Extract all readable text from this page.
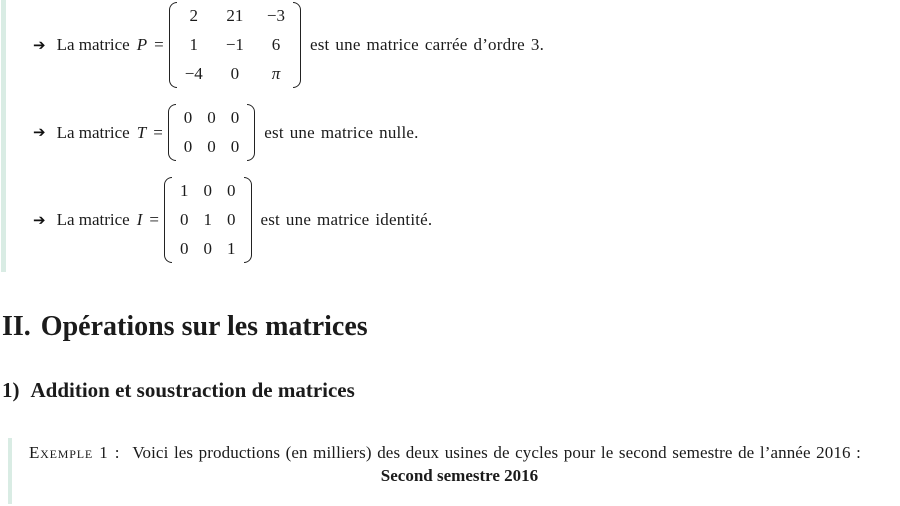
➔ La matrice P =
2 21 −3
1 −1 6
−4 0 π
est une matrice carrée d’ordre 3.
➔ La matrice T =
0 0 0
0 0 0
est une matrice nulle.
➔ La matrice I =
1 0 0
0 1 0
0 0 1
est une matrice identité.
II. Opérations sur les matrices
1) Addition et soustraction de matrices

Exemple 1 : Voici les productions (en milliers) des deux usines de cycles pour le second semestre de l’année 2016 :

Second semestre 2016
